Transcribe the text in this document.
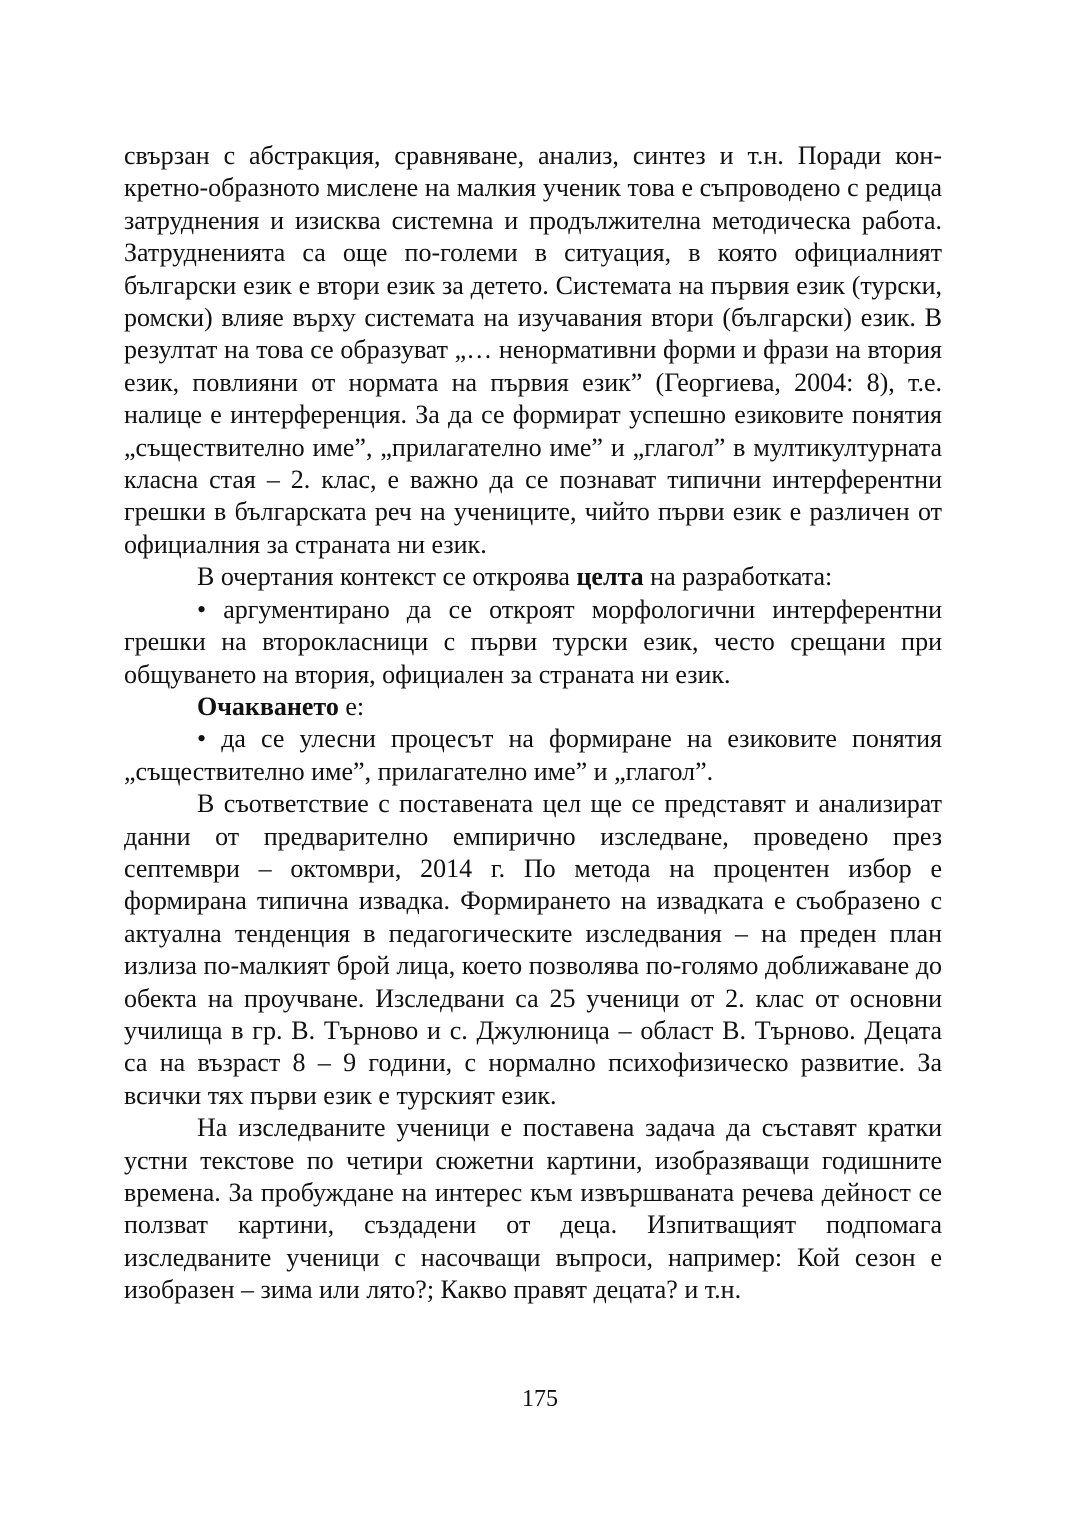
свързан с абстракция, сравняване, анализ, синтез и т.н. Поради конкретно-образното мислене на малкия ученик това е съпроводено с редица затруднения и изисква системна и продължителна методическа работа. Затрудненията са още по-големи в ситуация, в която официалният български език е втори език за детето. Системата на първия език (турски, ромски) влияе върху системата на изучавания втори (български) език. В резултат на това се образуват „… ненормативни форми и фрази на втория език, повлияни от нормата на първия език” (Георгиева, 2004: 8), т.е. налице е интерференция. За да се формират успешно езиковите понятия „съществително име”, „прилагателно име” и „глагол” в мултикултурната класна стая – 2. клас, е важно да се познават типични интерферентни грешки в българската реч на учениците, чийто първи език е различен от официалния за страната ни език.

В очертания контекст се откроява целта на разработката:

• аргументирано да се откроят морфологични интерферентни грешки на второкласници с първи турски език, често срещани при общуването на втория, официален за страната ни език.

Очакването е:

• да се улесни процесът на формиране на езиковите понятия „съществително име”, прилагателно име” и „глагол”.

В съответствие с поставената цел ще се представят и анализират данни от предварително емпирично изследване, проведено през септември – октомври, 2014 г. По метода на процентен избор е формирана типична извадка. Формирането на извадката е съобразено с актуална тенденция в педагогическите изследвания – на преден план излиза по-малкият брой лица, което позволява по-голямо доближаване до обекта на проучване. Изследвани са 25 ученици от 2. клас от основни училища в гр. В. Търново и с. Джулюница – област В. Търново. Децата са на възраст 8 – 9 години, с нормално психофизическо развитие. За всички тях първи език е турският език.

На изследваните ученици е поставена задача да съставят кратки устни текстове по четири сюжетни картини, изобразяващи годишните времена. За пробуждане на интерес към извършваната речева дейност се ползват картини, създадени от деца. Изпитващият подпомага изследваните ученици с насочващи въпроси, например: Кой сезон е изобразен – зима или лято?; Какво правят децата? и т.н.

175
